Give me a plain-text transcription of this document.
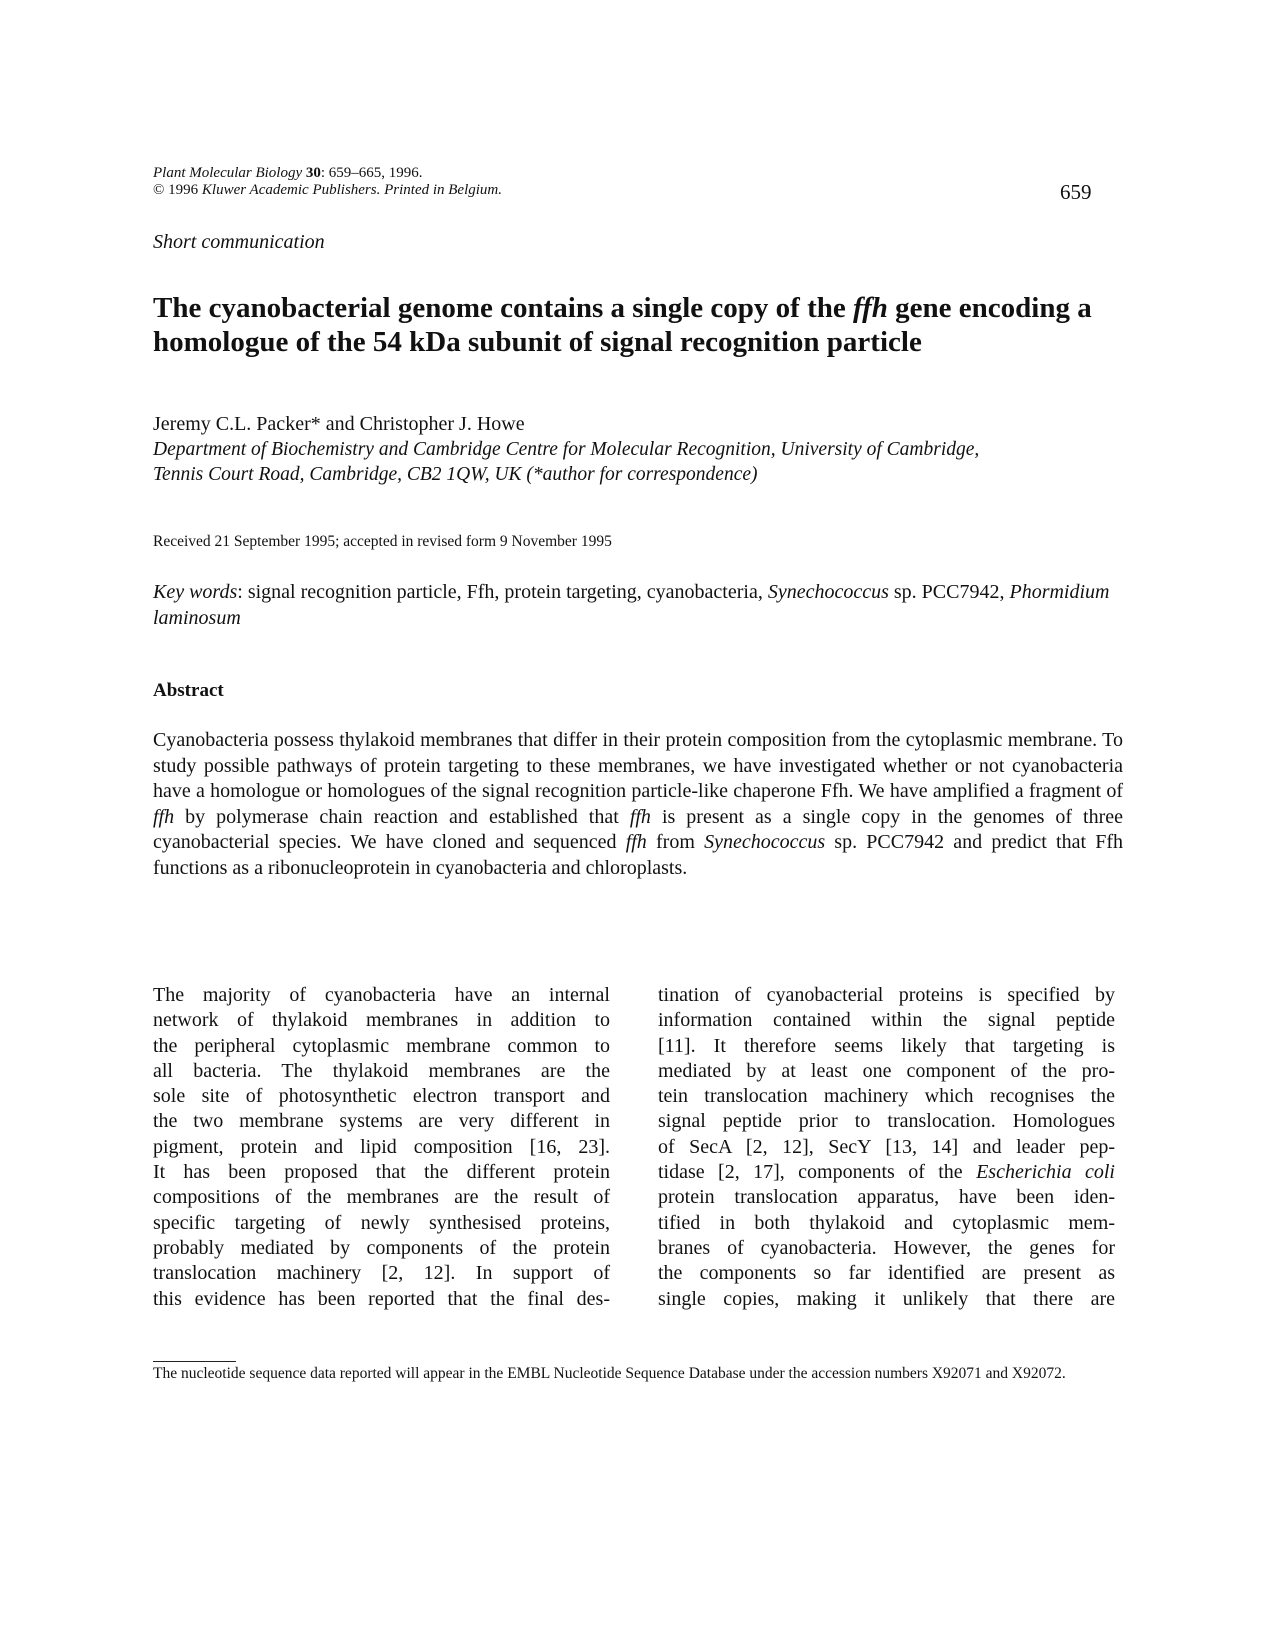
Plant Molecular Biology 30: 659–665, 1996.
© 1996 Kluwer Academic Publishers. Printed in Belgium.	659
Short communication
The cyanobacterial genome contains a single copy of the ffh gene encoding a homologue of the 54 kDa subunit of signal recognition particle
Jeremy C.L. Packer* and Christopher J. Howe
Department of Biochemistry and Cambridge Centre for Molecular Recognition, University of Cambridge,
Tennis Court Road, Cambridge, CB2 1QW, UK (*author for correspondence)
Received 21 September 1995; accepted in revised form 9 November 1995
Key words: signal recognition particle, Ffh, protein targeting, cyanobacteria, Synechococcus sp. PCC7942, Phormidium laminosum
Abstract
Cyanobacteria possess thylakoid membranes that differ in their protein composition from the cytoplasmic membrane. To study possible pathways of protein targeting to these membranes, we have investigated whether or not cyanobacteria have a homologue or homologues of the signal recognition particle-like chaperone Ffh. We have amplified a fragment of ffh by polymerase chain reaction and established that ffh is present as a single copy in the genomes of three cyanobacterial species. We have cloned and sequenced ffh from Synechococcus sp. PCC7942 and predict that Ffh functions as a ribonucleoprotein in cyanobacteria and chloroplasts.
The majority of cyanobacteria have an internal
network of thylakoid membranes in addition to
the peripheral cytoplasmic membrane common to
all bacteria. The thylakoid membranes are the
sole site of photosynthetic electron transport and
the two membrane systems are very different in
pigment, protein and lipid composition [16, 23].
It has been proposed that the different protein
compositions of the membranes are the result of
specific targeting of newly synthesised proteins,
probably mediated by components of the protein
translocation machinery [2, 12]. In support of
this evidence has been reported that the final des-
tination of cyanobacterial proteins is specified by
information contained within the signal peptide
[11]. It therefore seems likely that targeting is
mediated by at least one component of the pro-
tein translocation machinery which recognises the
signal peptide prior to translocation. Homologues
of SecA [2, 12], SecY [13, 14] and leader pep-
tidase [2, 17], components of the Escherichia coli
protein translocation apparatus, have been iden-
tified in both thylakoid and cytoplasmic mem-
branes of cyanobacteria. However, the genes for
the components so far identified are present as
single copies, making it unlikely that there are
The nucleotide sequence data reported will appear in the EMBL Nucleotide Sequence Database under the accession numbers X92071 and X92072.
